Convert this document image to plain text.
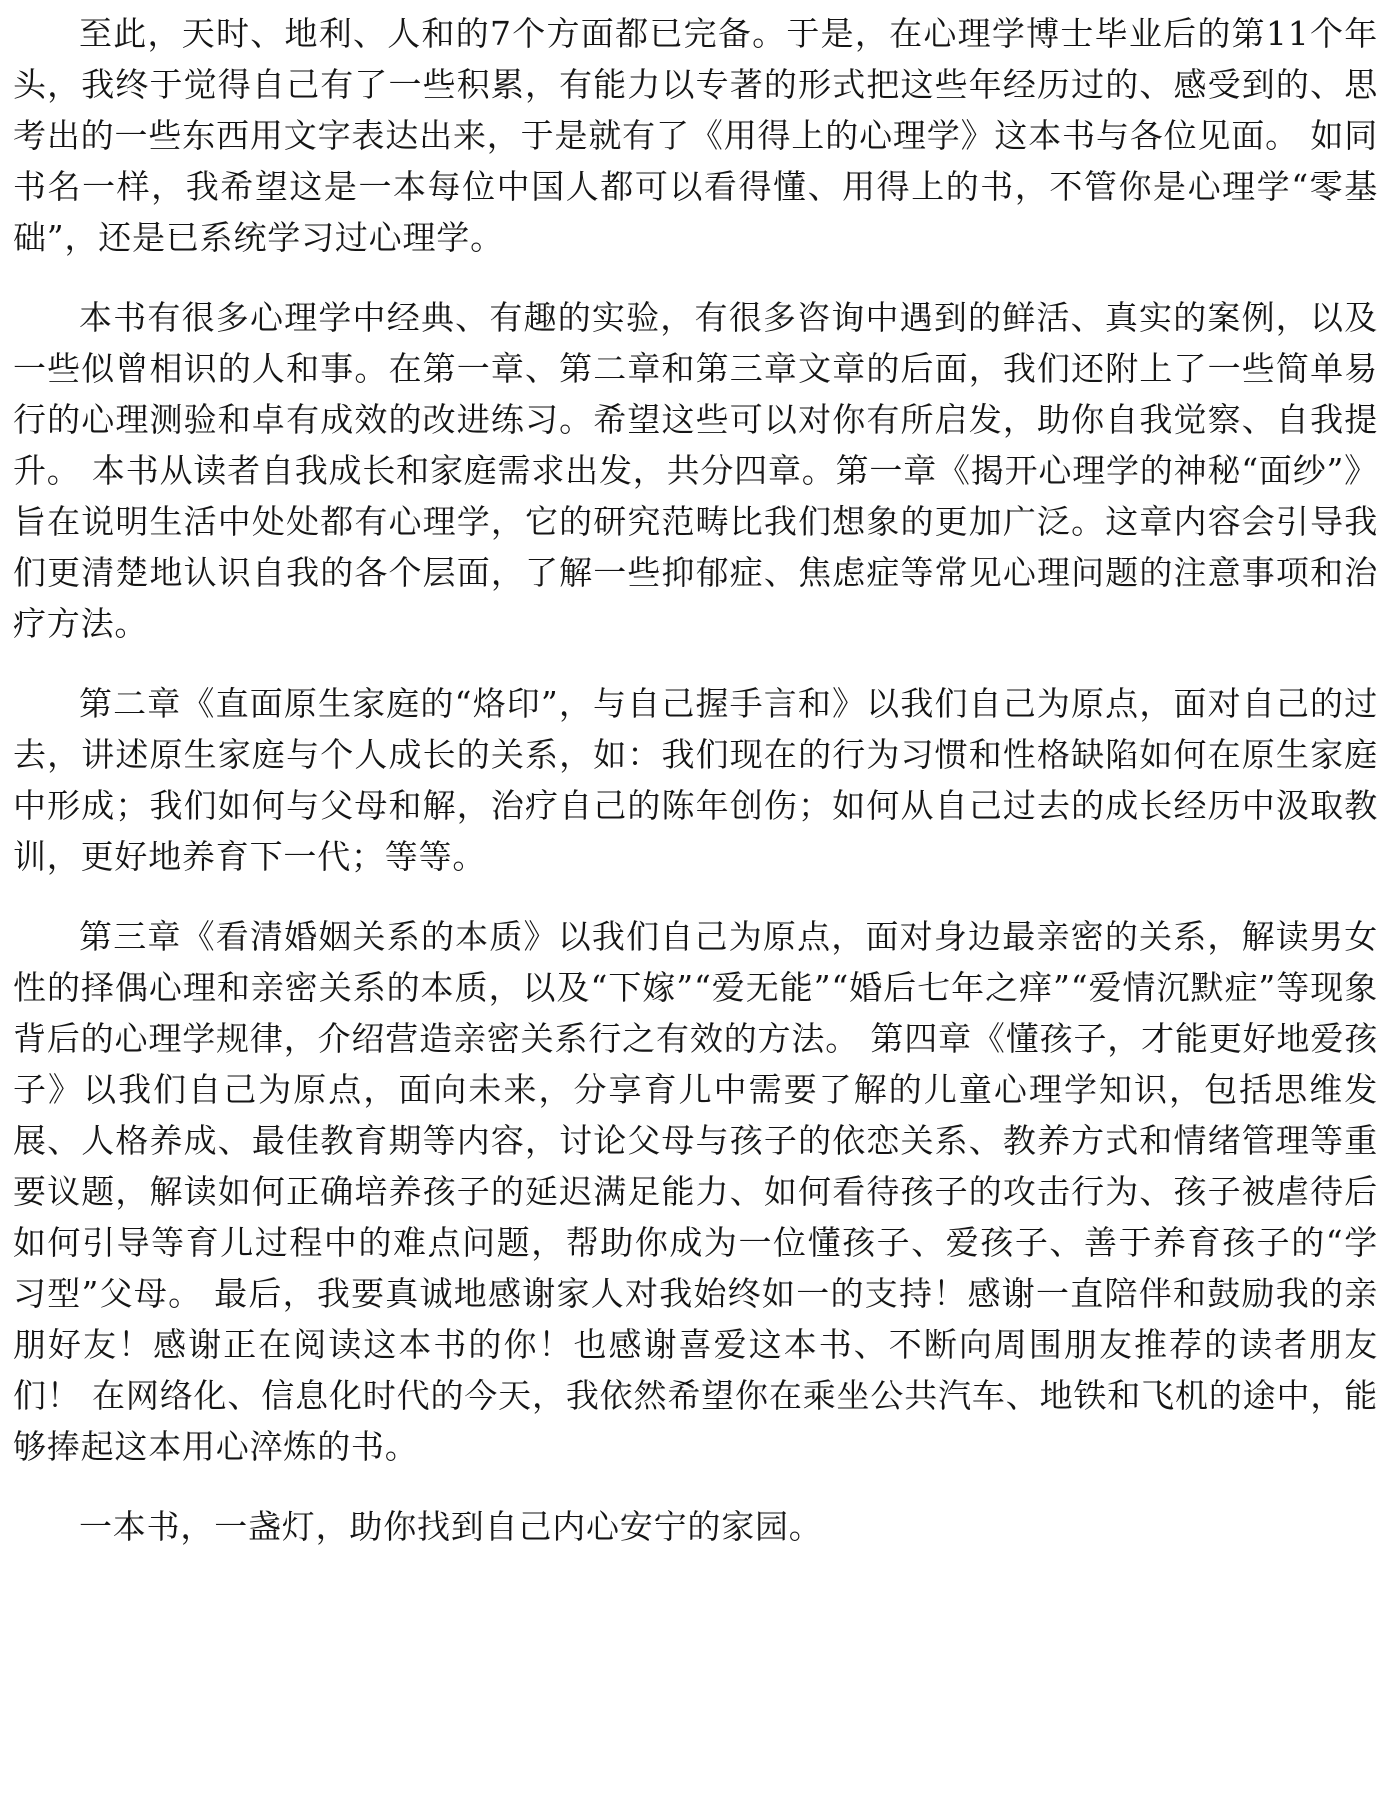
至此，天时、地利、人和的7个方面都已完备。于是，在心理学博士毕业后的第11个年头，我终于觉得自己有了一些积累，有能力以专著的形式把这些年经历过的、感受到的、思考出的一些东西用文字表达出来，于是就有了《用得上的心理学》这本书与各位见面。 如同书名一样，我希望这是一本每位中国人都可以看得懂、用得上的书，不管你是心理学“零基础”，还是已系统学习过心理学。

本书有很多心理学中经典、有趣的实验，有很多咨询中遇到的鲜活、真实的案例，以及一些似曾相识的人和事。在第一章、第二章和第三章文章的后面，我们还附上了一些简单易行的心理测验和卓有成效的改进练习。希望这些可以对你有所启发，助你自我觉察、自我提升。 本书从读者自我成长和家庭需求出发，共分四章。第一章《揭开心理学的神秘“面纱”》旨在说明生活中处处都有心理学，它的研究范畴比我们想象的更加广泛。这章内容会引导我们更清楚地认识自我的各个层面，了解一些抑郁症、焦虑症等常见心理问题的注意事项和治疗方法。

第二章《直面原生家庭的“烙印”，与自己握手言和》以我们自己为原点，面对自己的过去，讲述原生家庭与个人成长的关系，如：我们现在的行为习惯和性格缺陷如何在原生家庭中形成；我们如何与父母和解，治疗自己的陈年创伤；如何从自己过去的成长经历中汲取教训，更好地养育下一代；等等。

第三章《看清婚姻关系的本质》以我们自己为原点，面对身边最亲密的关系，解读男女性的择偶心理和亲密关系的本质，以及“下嫁”“爱无能”“婚后七年之痒”“爱情沉默症”等现象背后的心理学规律，介绍营造亲密关系行之有效的方法。 第四章《懂孩子，才能更好地爱孩子》以我们自己为原点，面向未来，分享育儿中需要了解的儿童心理学知识，包括思维发展、人格养成、最佳教育期等内容，讨论父母与孩子的依恋关系、教养方式和情绪管理等重要议题，解读如何正确培养孩子的延迟满足能力、如何看待孩子的攻击行为、孩子被虐待后如何引导等育儿过程中的难点问题，帮助你成为一位懂孩子、爱孩子、善于养育孩子的“学习型”父母。 最后，我要真诚地感谢家人对我始终如一的支持！感谢一直陪伴和鼓励我的亲朋好友！感谢正在阅读这本书的你！也感谢喜爱这本书、不断向周围朋友推荐的读者朋友们！ 在网络化、信息化时代的今天，我依然希望你在乘坐公共汽车、地铁和飞机的途中，能够捧起这本用心淬炼的书。

一本书，一盏灯，助你找到自己内心安宁的家园。
